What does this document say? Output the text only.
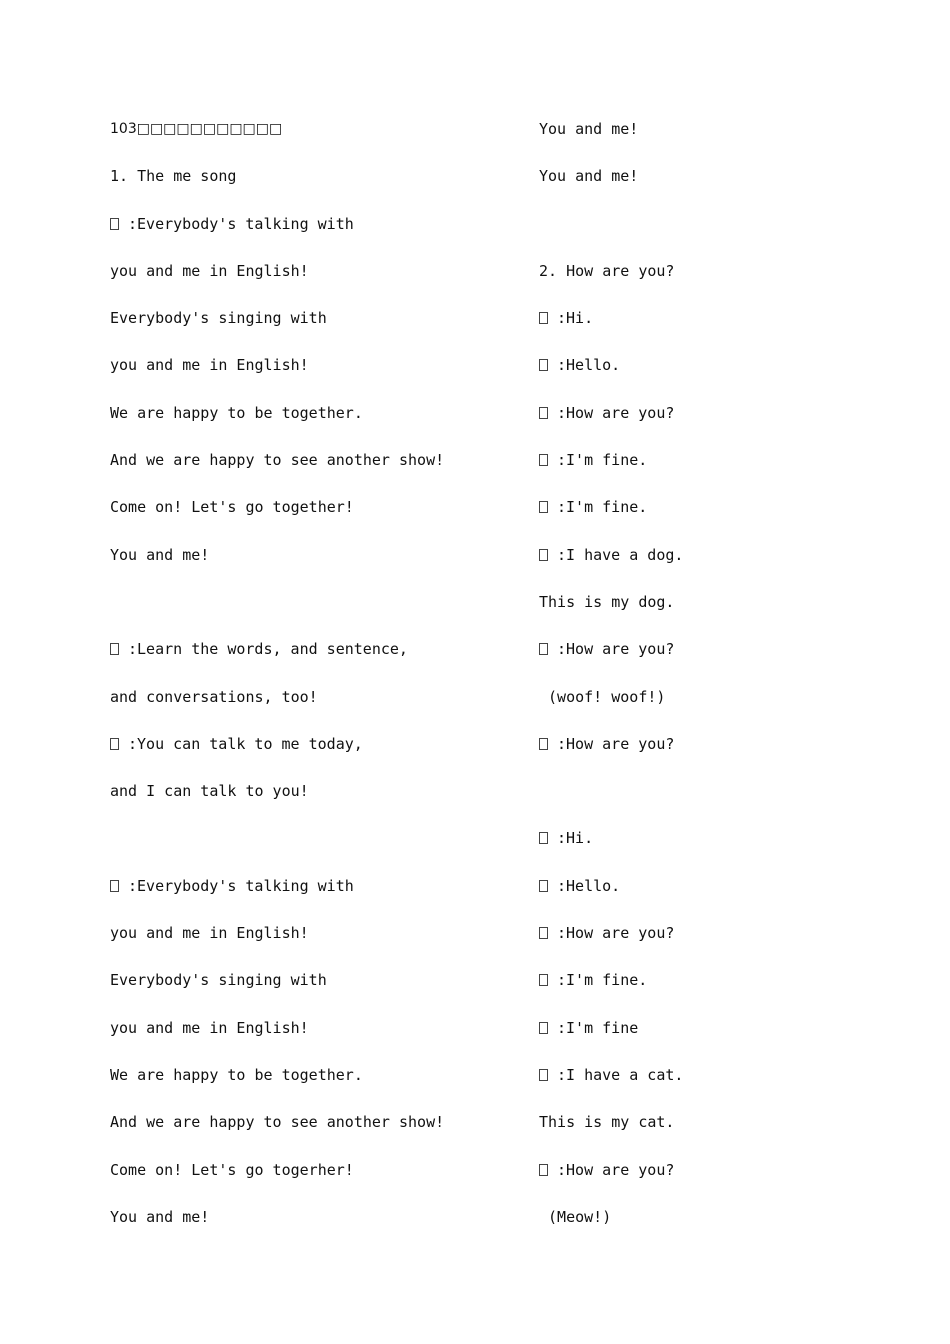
103□□□□□□□□□□□
1. The me song
:Everybody's talking with
you and me in English!
Everybody's singing with
you and me in English!
We are happy to be together.
And we are happy to see another show!
Come on! Let's go together!
You and me!
:Learn the words, and sentence,
and conversations, too!
:You can talk to me today,
and I can talk to you!
:Everybody's talking with
you and me in English!
Everybody's singing with
you and me in English!
We are happy to be together.
And we are happy to see another show!
Come on! Let's go togerher!
You and me!
You and me!
You and me!
2. How are you?
:Hi.
:Hello.
:How are you?
:I'm fine.
:I'm fine.
:I have a dog.
This is my dog.
:How are you?
(woof! woof!)
:How are you?
:Hi.
:Hello.
:How are you?
:I'm fine.
:I'm fine
:I have a cat.
This is my cat.
:How are you?
(Meow!)
